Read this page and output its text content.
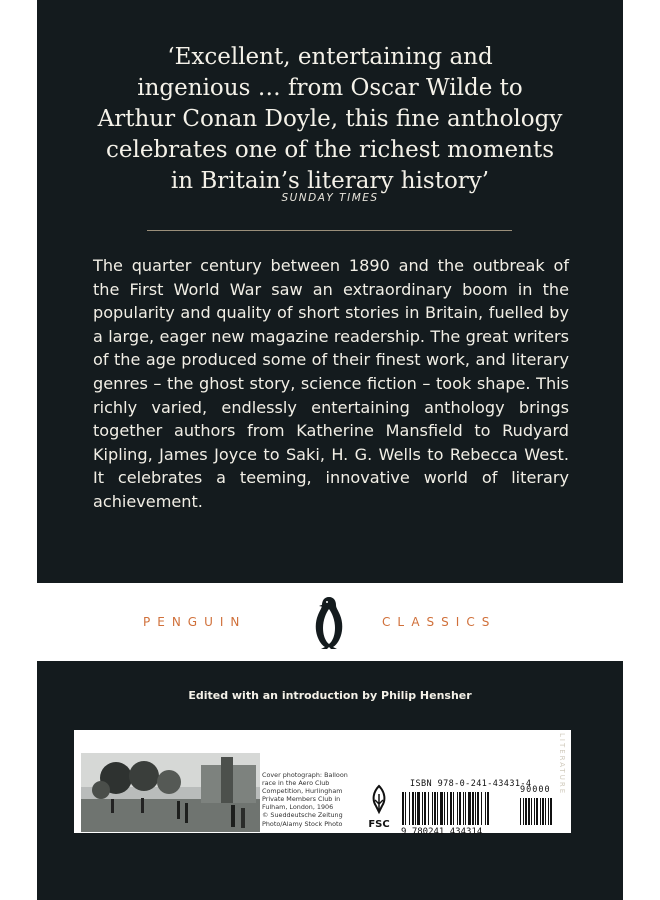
‘Excellent, entertaining and
ingenious … from Oscar Wilde to
Arthur Conan Doyle, this fine anthology
celebrates one of the richest moments
in Britain’s literary history’
SUNDAY TIMES
The quarter century between 1890 and the outbreak of the First World War saw an extraordinary boom in the popularity and quality of short stories in Britain, fuelled by a large, eager new magazine readership. The great writers of the age produced some of their finest work, and literary genres – the ghost story, science fiction – took shape. This richly varied, endlessly entertaining anthology brings together authors from Katherine Mansfield to Rudyard Kipling, James Joyce to Saki, H. G. Wells to Rebecca West. It celebrates a teeming, innovative world of literary achievement.
PENGUIN	CLASSICS
Edited with an introduction by Philip Hensher
Cover photograph: Balloon
race in the Aero Club
Competition, Hurlingham
Private Members Club in
Fulham, London, 1906
© Sueddeutsche Zeitung
Photo/Alamy Stock Photo	FSC
ISBN 978-0-241-43431-4
90000
9 780241 434314
LITERATURE
